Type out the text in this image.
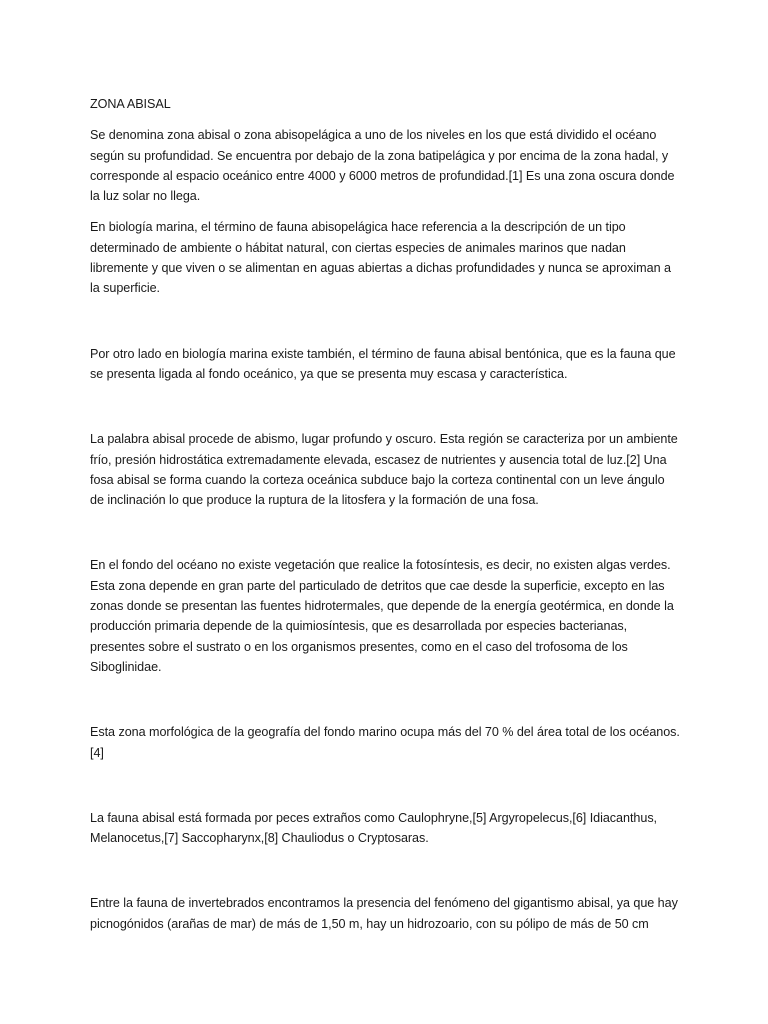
ZONA ABISAL

Se denomina zona abisal o zona abisopelágica a uno de los niveles en los que está dividido el océano según su profundidad. Se encuentra por debajo de la zona batipelágica y por encima de la zona hadal, y corresponde al espacio oceánico entre 4000 y 6000 metros de profundidad.[1] Es una zona oscura donde la luz solar no llega.

En biología marina, el término de fauna abisopelágica hace referencia a la descripción de un tipo determinado de ambiente o hábitat natural, con ciertas especies de animales marinos que nadan libremente y que viven o se alimentan en aguas abiertas a dichas profundidades y nunca se aproximan a la superficie.

Por otro lado en biología marina existe también, el término de fauna abisal bentónica, que es la fauna que se presenta ligada al fondo oceánico, ya que se presenta muy escasa y característica.

La palabra abisal procede de abismo, lugar profundo y oscuro. Esta región se caracteriza por un ambiente frío, presión hidrostática extremadamente elevada, escasez de nutrientes y ausencia total de luz.[2] Una fosa abisal se forma cuando la corteza oceánica subduce bajo la corteza continental con un leve ángulo de inclinación lo que produce la ruptura de la litosfera y la formación de una fosa.

En el fondo del océano no existe vegetación que realice la fotosíntesis, es decir, no existen algas verdes. Esta zona depende en gran parte del particulado de detritos que cae desde la superficie, excepto en las zonas donde se presentan las fuentes hidrotermales, que depende de la energía geotérmica, en donde la producción primaria depende de la quimiosíntesis, que es desarrollada por especies bacterianas, presentes sobre el sustrato o en los organismos presentes, como en el caso del trofosoma de los Siboglinidae.

Esta zona morfológica de la geografía del fondo marino ocupa más del 70 % del área total de los océanos.[4]

La fauna abisal está formada por peces extraños como Caulophryne,[5] Argyropelecus,[6] Idiacanthus, Melanocetus,[7] Saccopharynx,[8] Chauliodus o Cryptosaras.

Entre la fauna de invertebrados encontramos la presencia del fenómeno del gigantismo abisal, ya que hay picnogónidos (arañas de mar) de más de 1,50 m, hay un hidrozoario, con su pólipo de más de 50 cm
